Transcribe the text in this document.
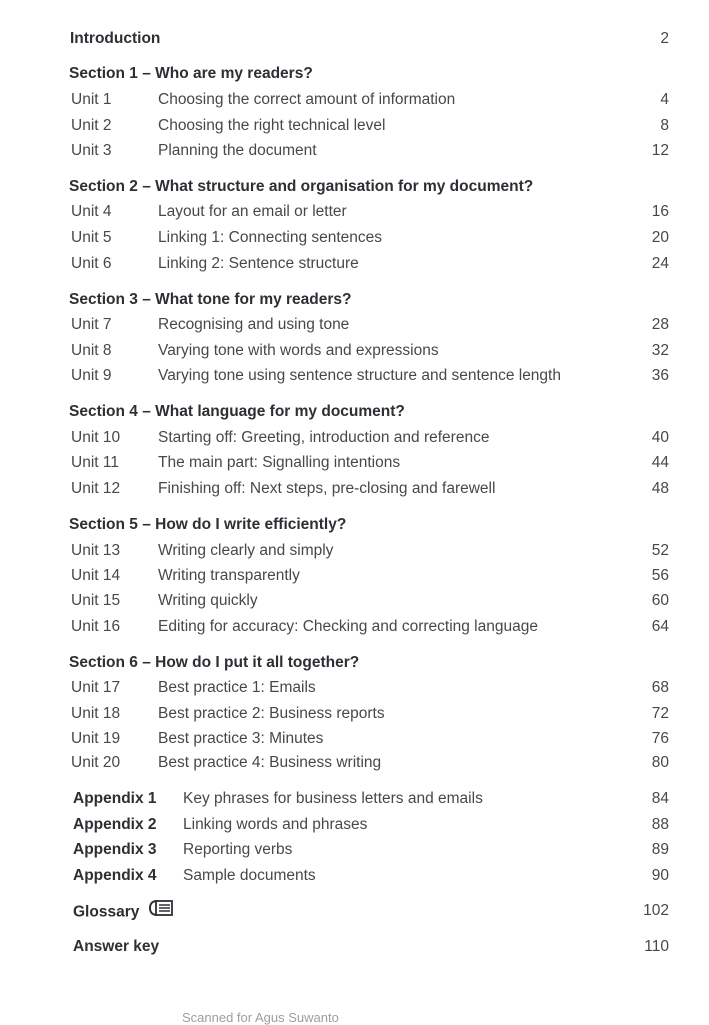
Introduction	2
Section 1 – Who are my readers?
Unit 1	Choosing the correct amount of information	4
Unit 2	Choosing the right technical level	8
Unit 3	Planning the document	12
Section 2 – What structure and organisation for my document?
Unit 4	Layout for an email or letter	16
Unit 5	Linking 1: Connecting sentences	20
Unit 6	Linking 2: Sentence structure	24
Section 3 – What tone for my readers?
Unit 7	Recognising and using tone	28
Unit 8	Varying tone with words and expressions	32
Unit 9	Varying tone using sentence structure and sentence length	36
Section 4 – What language for my document?
Unit 10 Starting off: Greeting, introduction and reference	40
Unit 11	The main part: Signalling intentions	44
Unit 12 Finishing off: Next steps, pre-closing and farewell	48
Section 5 – How do I write efficiently?
Unit 13 Writing clearly and simply	52
Unit 14 Writing transparently	56
Unit 15 Writing quickly	60
Unit 16 Editing for accuracy: Checking and correcting language	64
Section 6 – How do I put it all together?
Unit 17 Best practice 1: Emails	68
Unit 18 Best practice 2: Business reports	72
Unit 19 Best practice 3: Minutes	76
Unit 20 Best practice 4: Business writing	80
Appendix 1 Key phrases for business letters and emails	84
Appendix 2 Linking words and phrases	88
Appendix 3 Reporting verbs	89
Appendix 4 Sample documents	90
Glossary	102
Answer key	110
Scanned for Agus Suwanto
